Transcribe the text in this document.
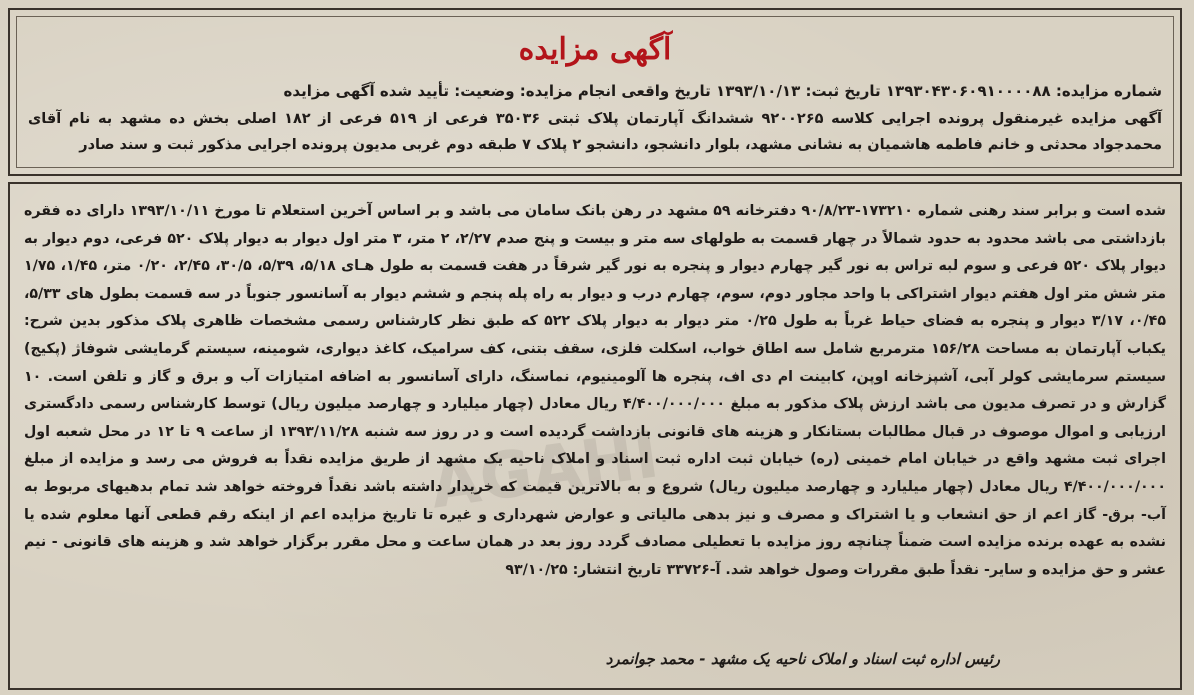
آگهی مزایده
شماره مزایده: ۱۳۹۳۰۴۳۰۶۰۹۱۰۰۰۰۸۸ تاریخ ثبت: ۱۳۹۳/۱۰/۱۳ تاریخ واقعی انجام مزایده: وضعیت: تأیید شده آگهی مزایده
آگهی مزایده غیرمنقول پرونده اجرایی کلاسه ۹۲۰۰۲۶۵ ششدانگ آپارتمان پلاک ثبتی ۳۵۰۳۶ فرعی از ۵۱۹ فرعی از ۱۸۲ اصلی بخش ده مشهد به نام آقای محمدجواد محدثی و خانم فاطمه هاشمیان به نشانی مشهد، بلوار دانشجو، دانشجو ۲ پلاک ۷ طبقه دوم غربی مدیون پرونده اجرایی مذکور ثبت و سند صادر
AGAHI
شده است و برابر سند رهنی شماره ۱۷۳۲۱۰-۹۰/۸/۲۳ دفترخانه ۵۹ مشهد در رهن بانک سامان می باشد و بر اساس آخرین استعلام تا مورخ ۱۳۹۳/۱۰/۱۱ دارای ده فقره بازداشتی می باشد محدود به حدود شمالاً در چهار قسمت به طولهای سه متر و بیست و پنج صدم ۲/۲۷، ۲ متر، ۳ متر اول دیوار به دیوار پلاک ۵۲۰ فرعی، دوم دیوار به دیوار پلاک ۵۲۰ فرعی و سوم لبه تراس به نور گیر چهارم دیوار و پنجره به نور گیر شرقاً در هفت قسمت به طول هـای ۵/۱۸، ۵/۳۹، ۳۰/۵، ۲/۴۵، ۰/۲۰ متر، ۱/۴۵، ۱/۷۵ متر شش متر اول هفتم دیوار اشتراکی با واحد مجاور دوم، سوم، چهارم درب و دیوار به راه پله پنجم و ششم دیوار به آسانسور جنوباً در سه قسمت بطول های ۵/۳۳، ۰/۴۵، ۳/۱۷ دیوار و پنجره به فضای حیاط غرباً به طول ۰/۲۵ متر دیوار به دیوار پلاک ۵۲۲ که طبق نظر کارشناس رسمی مشخصات ظاهری پلاک مذکور بدین شرح: یکباب آپارتمان به مساحت ۱۵۶/۲۸ مترمربع شامل سه اطاق خواب، اسکلت فلزی، سقف بتنی، کف سرامیک، کاغذ دیواری، شومینه، سیستم گرمایشی شوفاژ (پکیج) سیستم سرمایشی کولر آبی، آشپزخانه اوپن، کابینت ام دی اف، پنجره ها آلومینیوم، نماسنگ، دارای آسانسور به اضافه امتیازات آب و برق و گاز و تلفن است. ۱۰ گزارش و در تصرف مدیون می باشد ارزش پلاک مذکور به مبلغ ۴/۴۰۰/۰۰۰/۰۰۰ ریال معادل (چهار میلیارد و چهارصد میلیون ریال) توسط کارشناس رسمی دادگستری ارزیابی و اموال موصوف در قبال مطالبات بستانکار و هزینه های قانونی بازداشت گردیده است و در روز سه شنبه ۱۳۹۳/۱۱/۲۸ از ساعت ۹ تا ۱۲ در محل شعبه اول اجرای ثبت مشهد واقع در خیابان امام خمینی (ره) خیابان ثبت اداره ثبت اسناد و املاک ناحیه یک مشهد از طریق مزایده نقداً به فروش می رسد و مزایده از مبلغ ۴/۴۰۰/۰۰۰/۰۰۰ ریال معادل (چهار میلیارد و چهارصد میلیون ریال) شروع و به بالاترین قیمت که خریدار داشته باشد نقداً فروخته خواهد شد تمام بدهیهای مربوط به آب- برق- گاز اعم از حق انشعاب و یا اشتراک و مصرف و نیز بدهی مالیاتی و عوارض شهرداری و غیره تا تاریخ مزایده اعم از اینکه رقم قطعی آنها معلوم شده یا نشده به عهده برنده مزایده است ضمناً چنانچه روز مزایده با تعطیلی مصادف گردد روز بعد در همان ساعت و محل مقرر برگزار خواهد شد و هزینه های قانونی - نیم عشر و حق مزایده و سایر- نقداً طبق مقررات وصول خواهد شد. آ-۳۳۷۲۶ تاریخ انتشار: ۹۳/۱۰/۲۵
رئیس اداره ثبت اسناد و املاک ناحیه یک مشهد - محمد جوانمرد
